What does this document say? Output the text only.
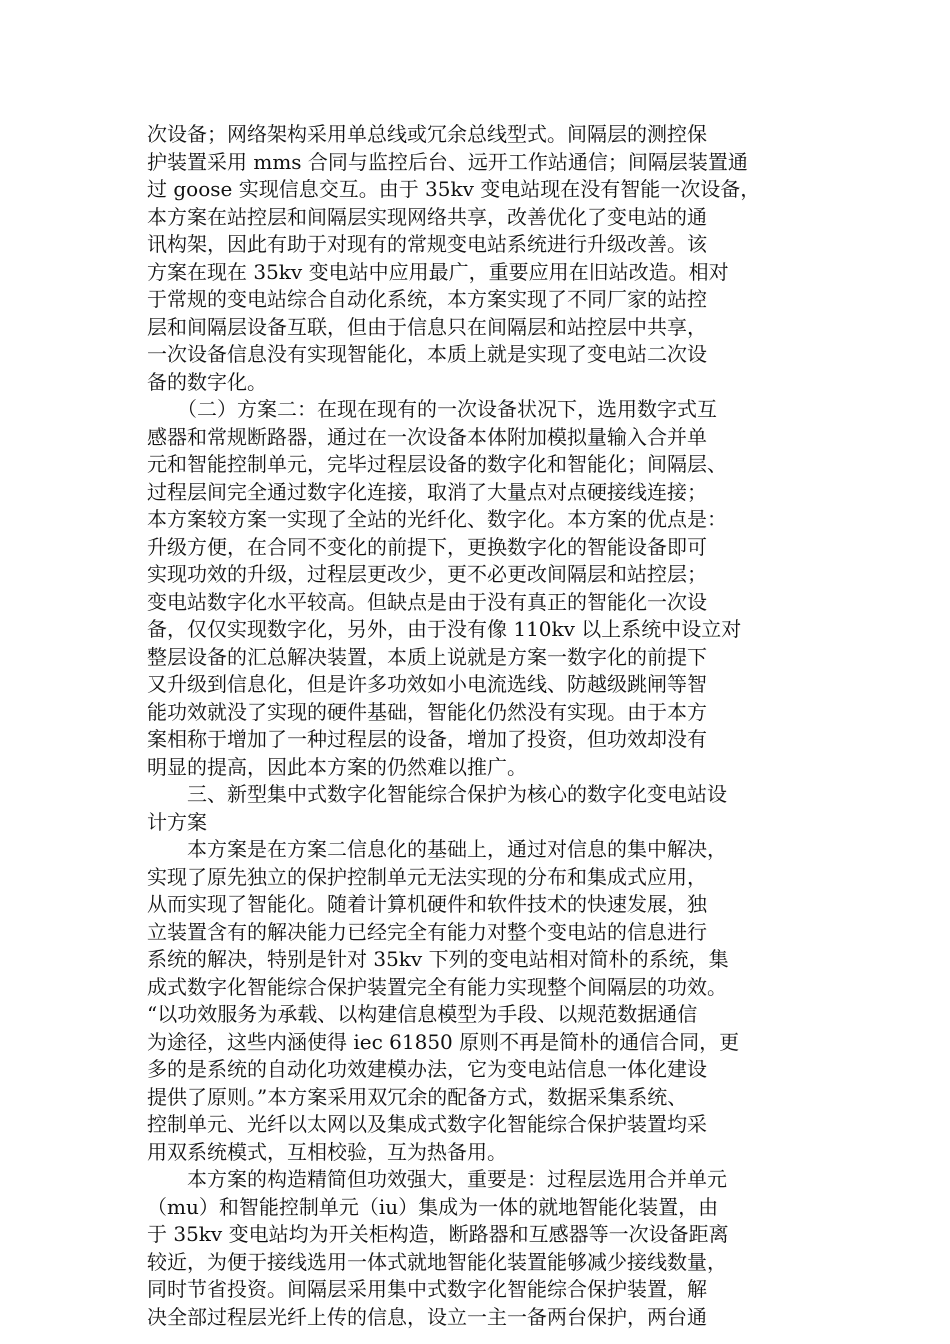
次设备；网络架构采用单总线或冗余总线型式。间隔层的测控保
护装置采用 mms 合同与监控后台、远开工作站通信；间隔层装置通
过 goose 实现信息交互。由于 35kv 变电站现在没有智能一次设备，
本方案在站控层和间隔层实现网络共享，改善优化了变电站的通
讯构架，因此有助于对现有的常规变电站系统进行升级改善。该
方案在现在 35kv 变电站中应用最广，重要应用在旧站改造。相对
于常规的变电站综合自动化系统，本方案实现了不同厂家的站控
层和间隔层设备互联，但由于信息只在间隔层和站控层中共享，
一次设备信息没有实现智能化，本质上就是实现了变电站二次设
备的数字化。
　　（二）方案二：在现在现有的一次设备状况下，选用数字式互
感器和常规断路器，通过在一次设备本体附加模拟量输入合并单
元和智能控制单元，完毕过程层设备的数字化和智能化；间隔层、
过程层间完全通过数字化连接，取消了大量点对点硬接线连接；
本方案较方案一实现了全站的光纤化、数字化。本方案的优点是：
升级方便，在合同不变化的前提下，更换数字化的智能设备即可
实现功效的升级，过程层更改少，更不必更改间隔层和站控层；
变电站数字化水平较高。但缺点是由于没有真正的智能化一次设
备，仅仅实现数字化，另外，由于没有像 110kv 以上系统中设立对
整层设备的汇总解决装置，本质上说就是方案一数字化的前提下
又升级到信息化，但是许多功效如小电流选线、防越级跳闸等智
能功效就没了实现的硬件基础，智能化仍然没有实现。由于本方
案相称于增加了一种过程层的设备，增加了投资，但功效却没有
明显的提高，因此本方案的仍然难以推广。
　　三、新型集中式数字化智能综合保护为核心的数字化变电站设
计方案
　　本方案是在方案二信息化的基础上，通过对信息的集中解决，
实现了原先独立的保护控制单元无法实现的分布和集成式应用，
从而实现了智能化。随着计算机硬件和软件技术的快速发展，独
立装置含有的解决能力已经完全有能力对整个变电站的信息进行
系统的解决，特别是针对 35kv 下列的变电站相对简朴的系统，集
成式数字化智能综合保护装置完全有能力实现整个间隔层的功效。
“以功效服务为承载、以构建信息模型为手段、以规范数据通信
为途径，这些内涵使得 iec 61850 原则不再是简朴的通信合同，更
多的是系统的自动化功效建模办法，它为变电站信息一体化建设
提供了原则。”本方案采用双冗余的配备方式，数据采集系统、
控制单元、光纤以太网以及集成式数字化智能综合保护装置均采
用双系统模式，互相校验，互为热备用。
　　本方案的构造精简但功效强大，重要是：过程层选用合并单元
（mu）和智能控制单元（iu）集成为一体的就地智能化装置，由
于 35kv 变电站均为开关柜构造，断路器和互感器等一次设备距离
较近，为便于接线选用一体式就地智能化装置能够减少接线数量，
同时节省投资。间隔层采用集中式数字化智能综合保护装置，解
决全部过程层光纤上传的信息，设立一主一备两台保护，两台通
